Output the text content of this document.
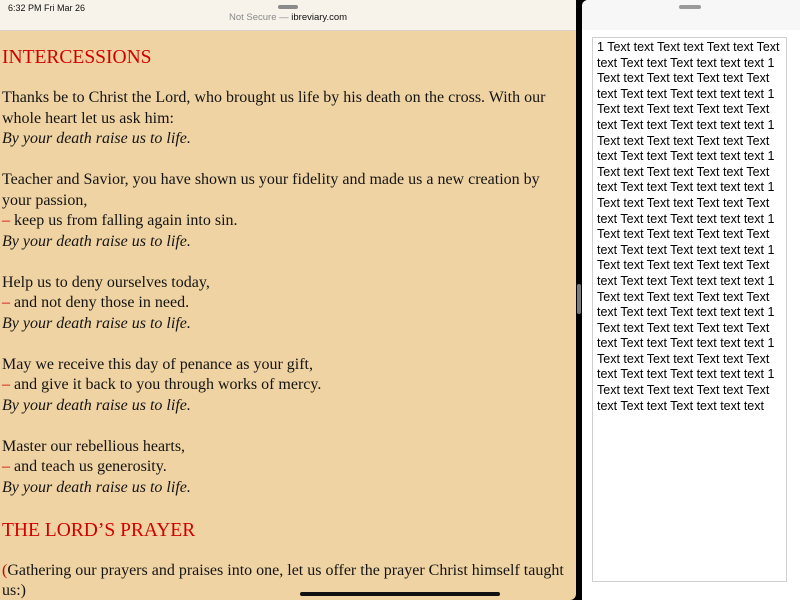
6:32 PM Fri Mar 26
Not Secure — ibreviary.com
INTERCESSIONS
Thanks be to Christ the Lord, who brought us life by his death on the cross. With our whole heart let us ask him:
By your death raise us to life.
Teacher and Savior, you have shown us your fidelity and made us a new creation by your passion,
– keep us from falling again into sin.
By your death raise us to life.
Help us to deny ourselves today,
– and not deny those in need.
By your death raise us to life.
May we receive this day of penance as your gift,
– and give it back to you through works of mercy.
By your death raise us to life.
Master our rebellious hearts,
– and teach us generosity.
By your death raise us to life.
THE LORD’S PRAYER
(Gathering our prayers and praises into one, let us offer the prayer Christ himself taught us:)
1 Text text Text text Text text Text text Text text Text text text text 1 Text text Text text Text text Text text Text text Text text text text 1 Text text Text text Text text Text text Text text Text text text text 1 Text text Text text Text text Text text Text text Text text text text 1 Text text Text text Text text Text text Text text Text text text text 1 Text text Text text Text text Text text Text text Text text text text 1 Text text Text text Text text Text text Text text Text text text text 1 Text text Text text Text text Text text Text text Text text text text 1 Text text Text text Text text Text text Text text Text text text text 1 Text text Text text Text text Text text Text text Text text text text 1 Text text Text text Text text Text text Text text Text text text text 1 Text text Text text Text text Text text Text text Text text text text
